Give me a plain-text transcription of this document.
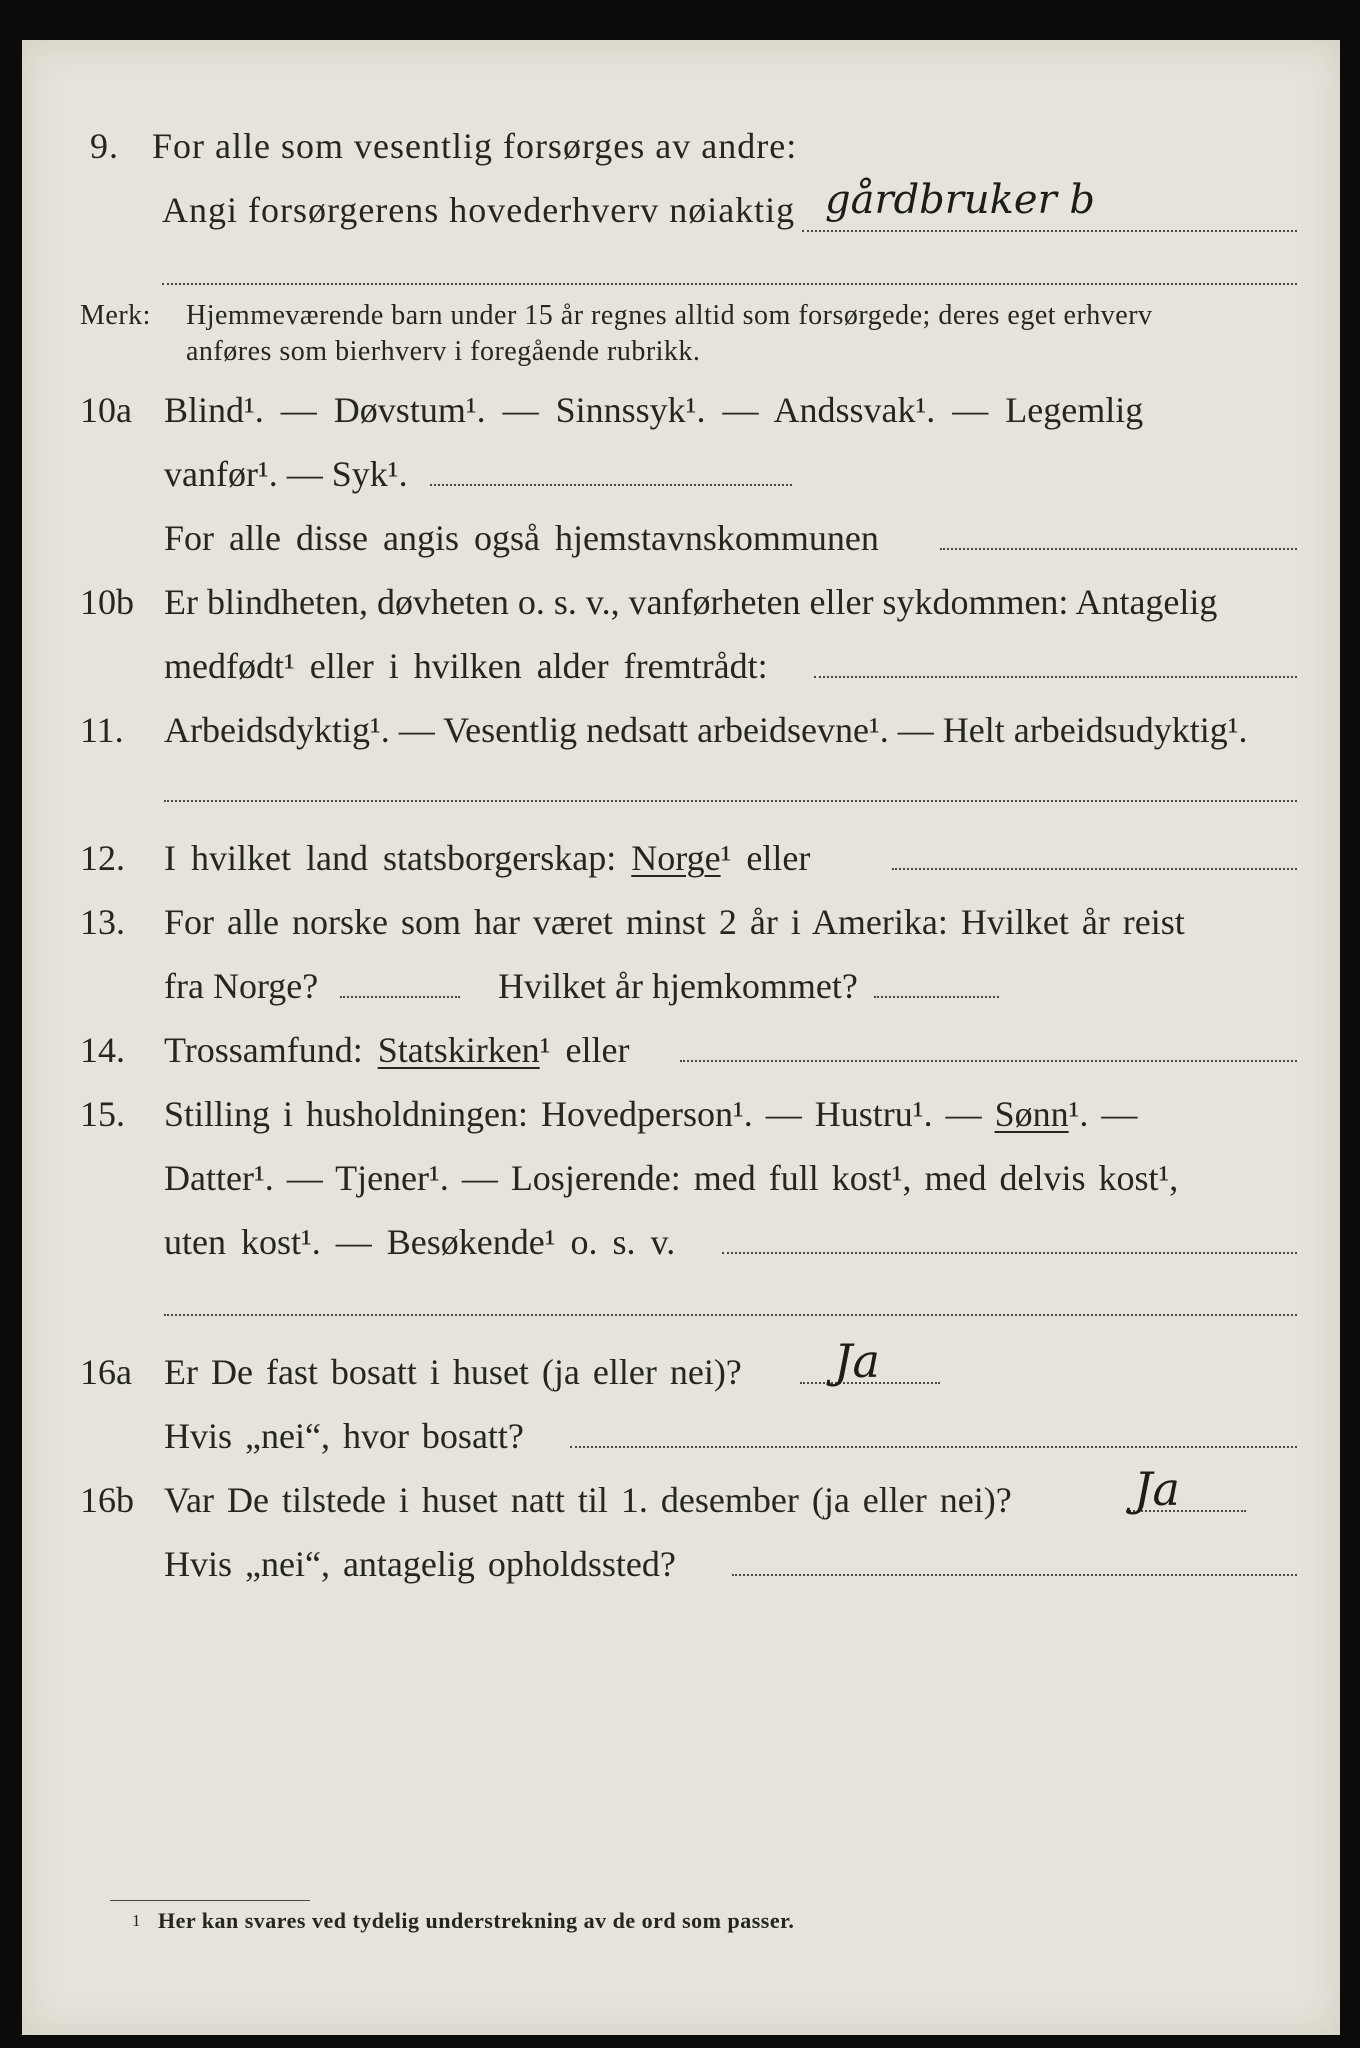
9. For alle som vesentlig forsørges av andre:
Angi forsørgerens hovederhverv nøiaktig gårdbruker b
Merk: Hjemmeværende barn under 15 år regnes alltid som forsørgede; deres eget erhverv
anføres som bierhverv i foregående rubrikk.
10a Blind¹. — Døvstum¹. — Sinnssyk¹. — Andssvak¹. — Legemlig
vanfør¹. — Syk¹.
For alle disse angis også hjemstavnskommunen
10b Er blindheten, døvheten o. s. v., vanførheten eller sykdommen: Antagelig
medfødt¹ eller i hvilken alder fremtrådt:
11. Arbeidsdyktig¹. — Vesentlig nedsatt arbeidsevne¹. — Helt arbeidsudyktig¹.
12. I hvilket land statsborgerskap: Norge¹ eller
13. For alle norske som har været minst 2 år i Amerika: Hvilket år reist
fra Norge?	Hvilket år hjemkommet?
14. Trossamfund: Statskirken¹ eller
15. Stilling i husholdningen: Hovedperson¹. — Hustru¹. — Sønn¹. —
Datter¹. — Tjener¹. — Losjerende: med full kost¹, med delvis kost¹,
uten kost¹. — Besøkende¹ o. s. v.
16a Er De fast bosatt i huset (ja eller nei)? Ja
Hvis „nei“, hvor bosatt?
16b Var De tilstede i huset natt til 1. desember (ja eller nei)?	Ja
Hvis „nei“, antagelig opholdssted?
1 Her kan svares ved tydelig understrekning av de ord som passer.
